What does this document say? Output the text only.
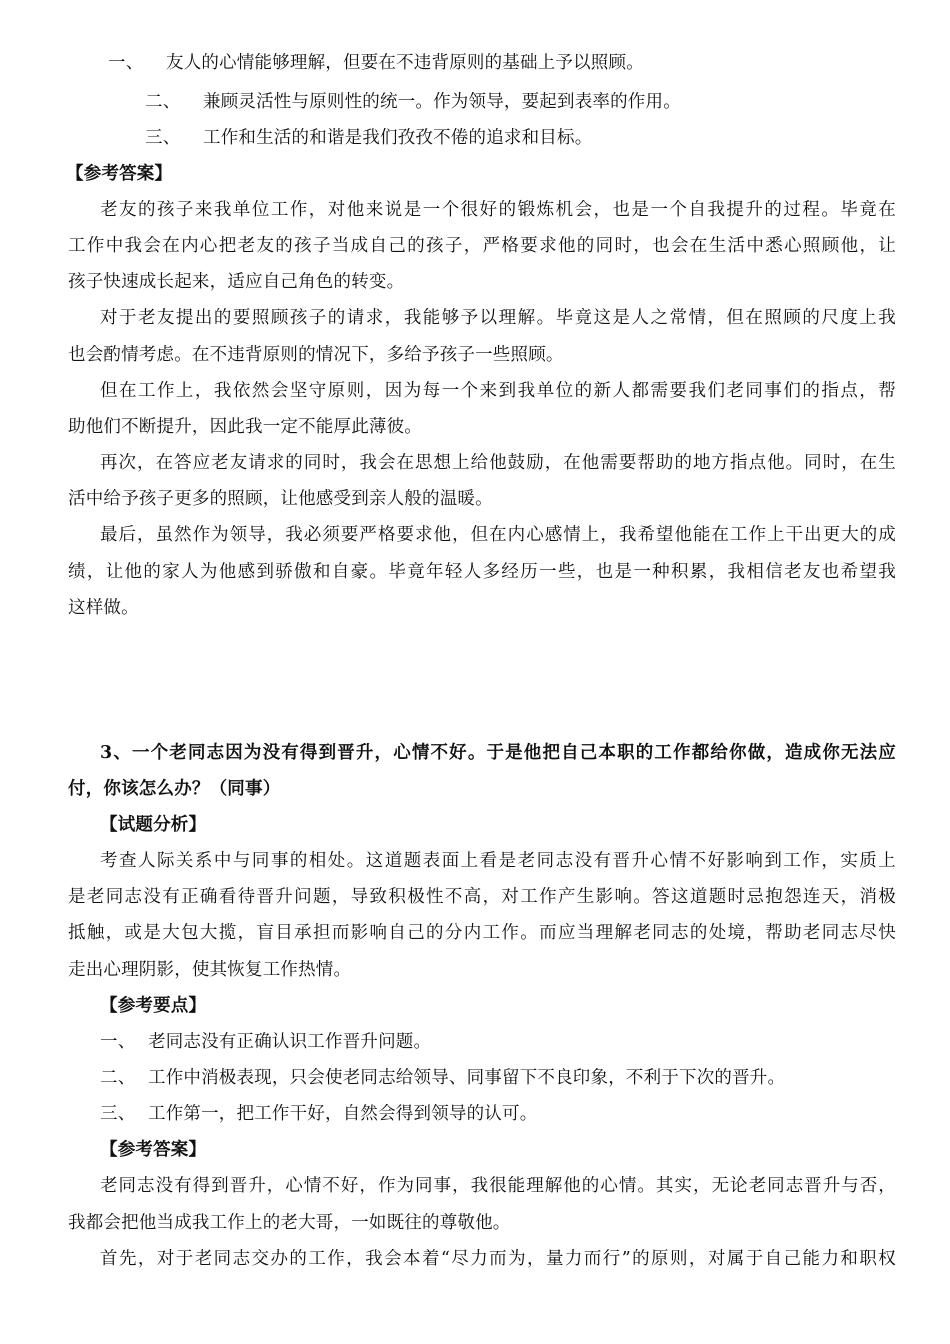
一、 友人的心情能够理解，但要在不违背原则的基础上予以照顾。
二、 兼顾灵活性与原则性的统一。作为领导，要起到表率的作用。
三、 工作和生活的和谐是我们孜孜不倦的追求和目标。
【参考答案】
老友的孩子来我单位工作，对他来说是一个很好的锻炼机会，也是一个自我提升的过程。毕竟在
工作中我会在内心把老友的孩子当成自己的孩子，严格要求他的同时，也会在生活中悉心照顾他，让
孩子快速成长起来，适应自己角色的转变。
对于老友提出的要照顾孩子的请求，我能够予以理解。毕竟这是人之常情，但在照顾的尺度上我
也会酌情考虑。在不违背原则的情况下，多给予孩子一些照顾。
但在工作上，我依然会坚守原则，因为每一个来到我单位的新人都需要我们老同事们的指点，帮
助他们不断提升，因此我一定不能厚此薄彼。
再次，在答应老友请求的同时，我会在思想上给他鼓励，在他需要帮助的地方指点他。同时，在生
活中给予孩子更多的照顾，让他感受到亲人般的温暖。
最后，虽然作为领导，我必须要严格要求他，但在内心感情上，我希望他能在工作上干出更大的成
绩，让他的家人为他感到骄傲和自豪。毕竟年轻人多经历一些，也是一种积累，我相信老友也希望我
这样做。
3、一个老同志因为没有得到晋升，心情不好。于是他把自己本职的工作都给你做，造成你无法应
付，你该怎么办？（同事）
【试题分析】
考查人际关系中与同事的相处。这道题表面上看是老同志没有晋升心情不好影响到工作，实质上
是老同志没有正确看待晋升问题，导致积极性不高，对工作产生影响。答这道题时忌抱怨连天，消极
抵触，或是大包大揽，盲目承担而影响自己的分内工作。而应当理解老同志的处境，帮助老同志尽快
走出心理阴影，使其恢复工作热情。
【参考要点】
一、 老同志没有正确认识工作晋升问题。
二、 工作中消极表现，只会使老同志给领导、同事留下不良印象，不利于下次的晋升。
三、 工作第一，把工作干好，自然会得到领导的认可。
【参考答案】
老同志没有得到晋升，心情不好，作为同事，我很能理解他的心情。其实，无论老同志晋升与否，
我都会把他当成我工作上的老大哥，一如既往的尊敬他。
首先，对于老同志交办的工作，我会本着“尽力而为，量力而行”的原则，对属于自己能力和职权
